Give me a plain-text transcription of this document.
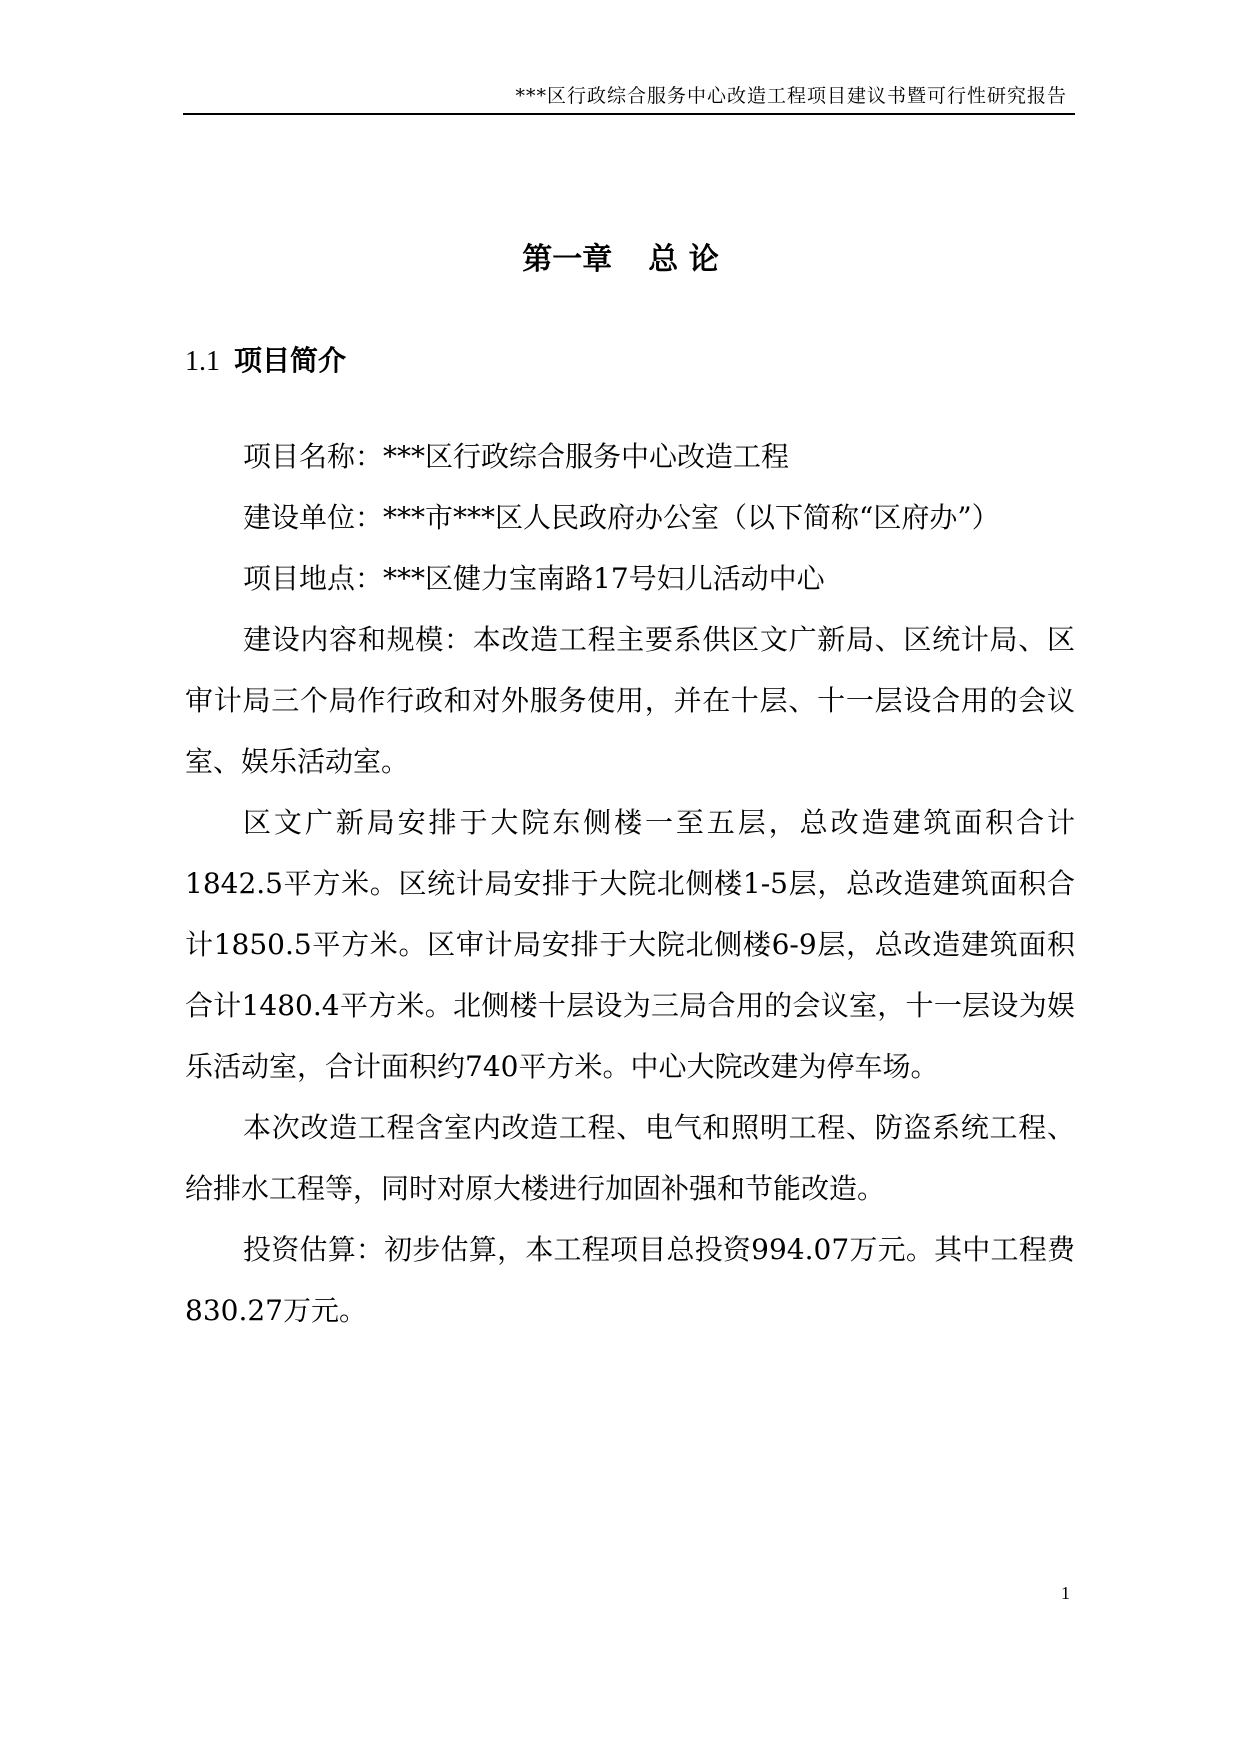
***区行政综合服务中心改造工程项目建议书暨可行性研究报告
第一章 总 论
1.1 项目简介

项目名称：***区行政综合服务中心改造工程

建设单位：***市***区人民政府办公室（以下简称“区府办”）

项目地点：***区健力宝南路17号妇儿活动中心

建设内容和规模：本改造工程主要系供区文广新局、区统计局、区审计局三个局作行政和对外服务使用，并在十层、十一层设合用的会议室、娱乐活动室。

区文广新局安排于大院东侧楼一至五层，总改造建筑面积合计1842.5平方米。区统计局安排于大院北侧楼1-5层，总改造建筑面积合计1850.5平方米。区审计局安排于大院北侧楼6-9层，总改造建筑面积合计1480.4平方米。北侧楼十层设为三局合用的会议室，十一层设为娱乐活动室，合计面积约740平方米。中心大院改建为停车场。

本次改造工程含室内改造工程、电气和照明工程、防盗系统工程、给排水工程等，同时对原大楼进行加固补强和节能改造。

投资估算：初步估算，本工程项目总投资994.07万元。其中工程费830.27万元。

1
